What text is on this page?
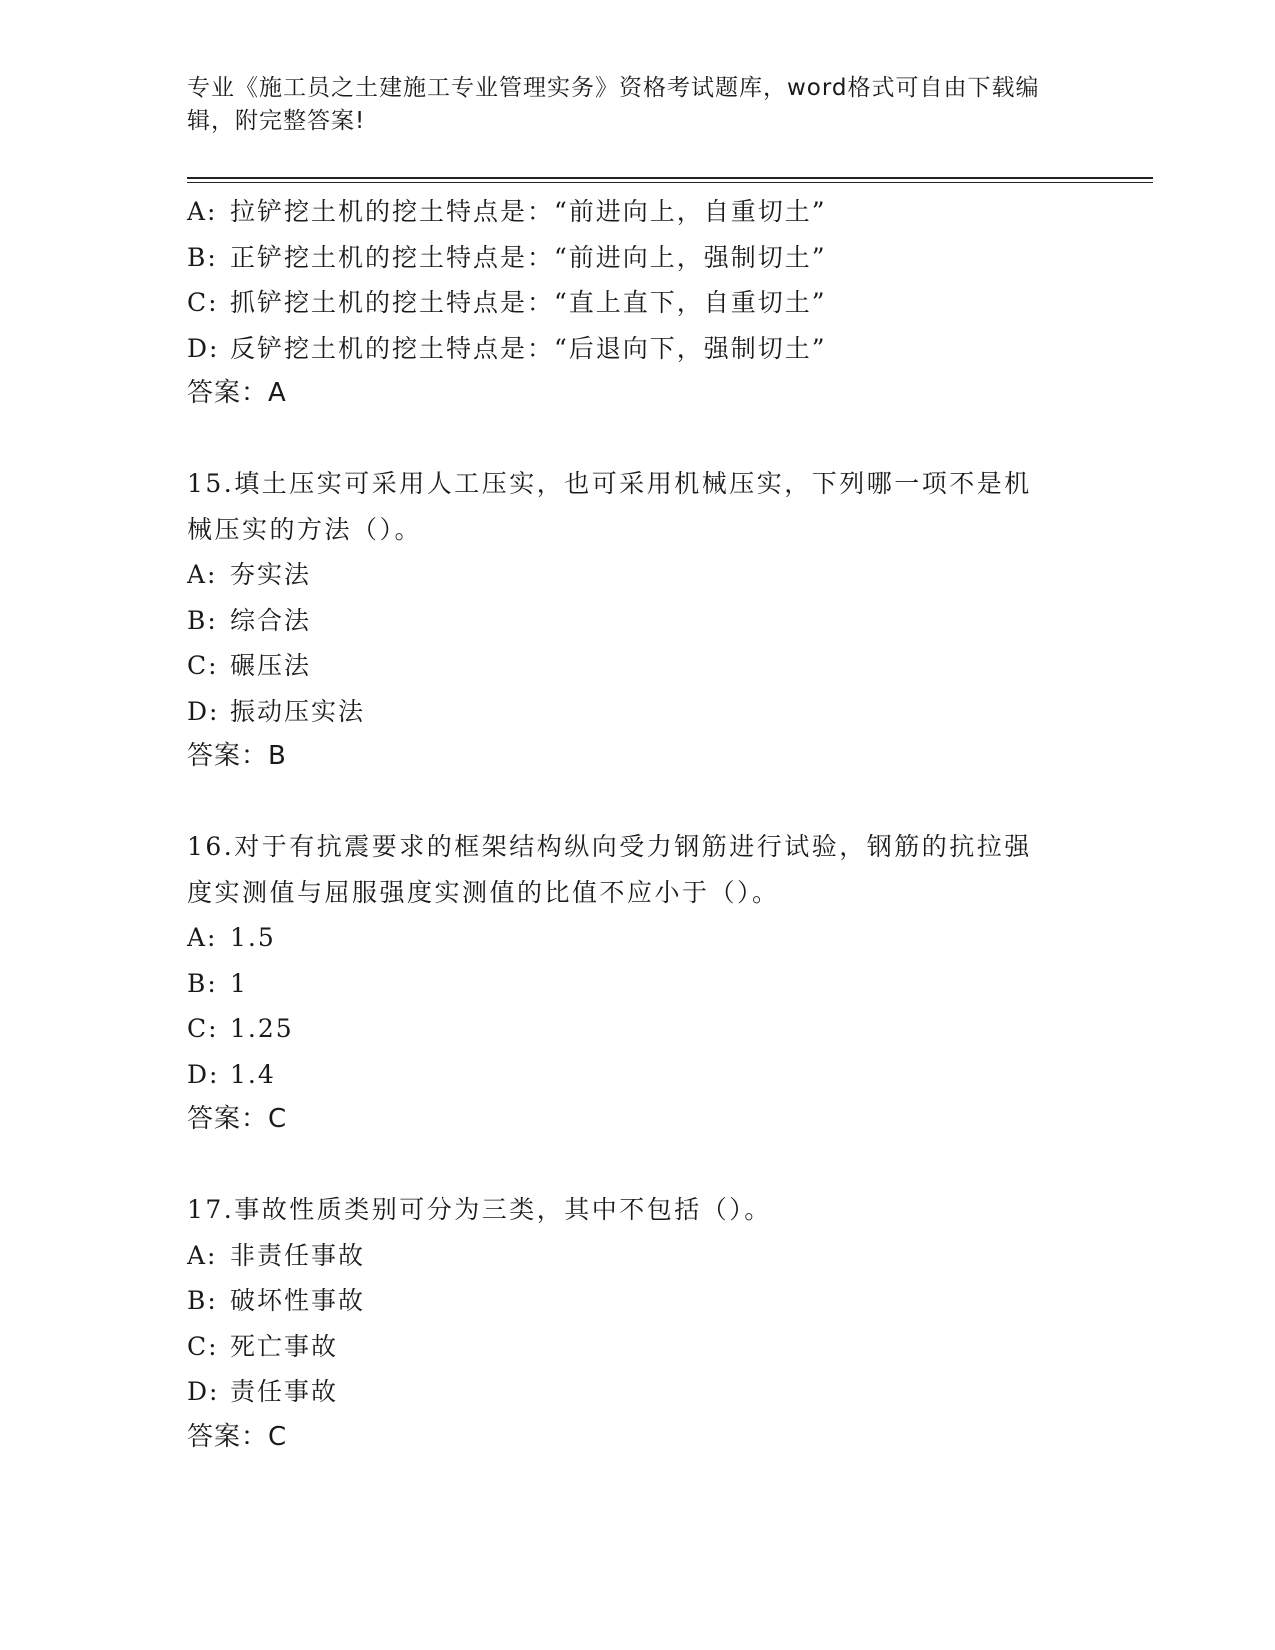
专业《施工员之土建施工专业管理实务》资格考试题库，word格式可自由下载编
辑，附完整答案!
A: 拉铲挖土机的挖土特点是：“前进向上，自重切土”
B: 正铲挖土机的挖土特点是：“前进向上，强制切土”
C: 抓铲挖土机的挖土特点是：“直上直下，自重切土”
D: 反铲挖土机的挖土特点是：“后退向下，强制切土”
答案：A
15.填土压实可采用人工压实，也可采用机械压实，下列哪一项不是机
械压实的方法（）。
A: 夯实法
B: 综合法
C: 碾压法
D: 振动压实法
答案：B
16.对于有抗震要求的框架结构纵向受力钢筋进行试验，钢筋的抗拉强
度实测值与屈服强度实测值的比值不应小于（）。
A: 1.5
B: 1
C: 1.25
D: 1.4
答案：C
17.事故性质类别可分为三类，其中不包括（）。
A: 非责任事故
B: 破坏性事故
C: 死亡事故
D: 责任事故
答案：C
